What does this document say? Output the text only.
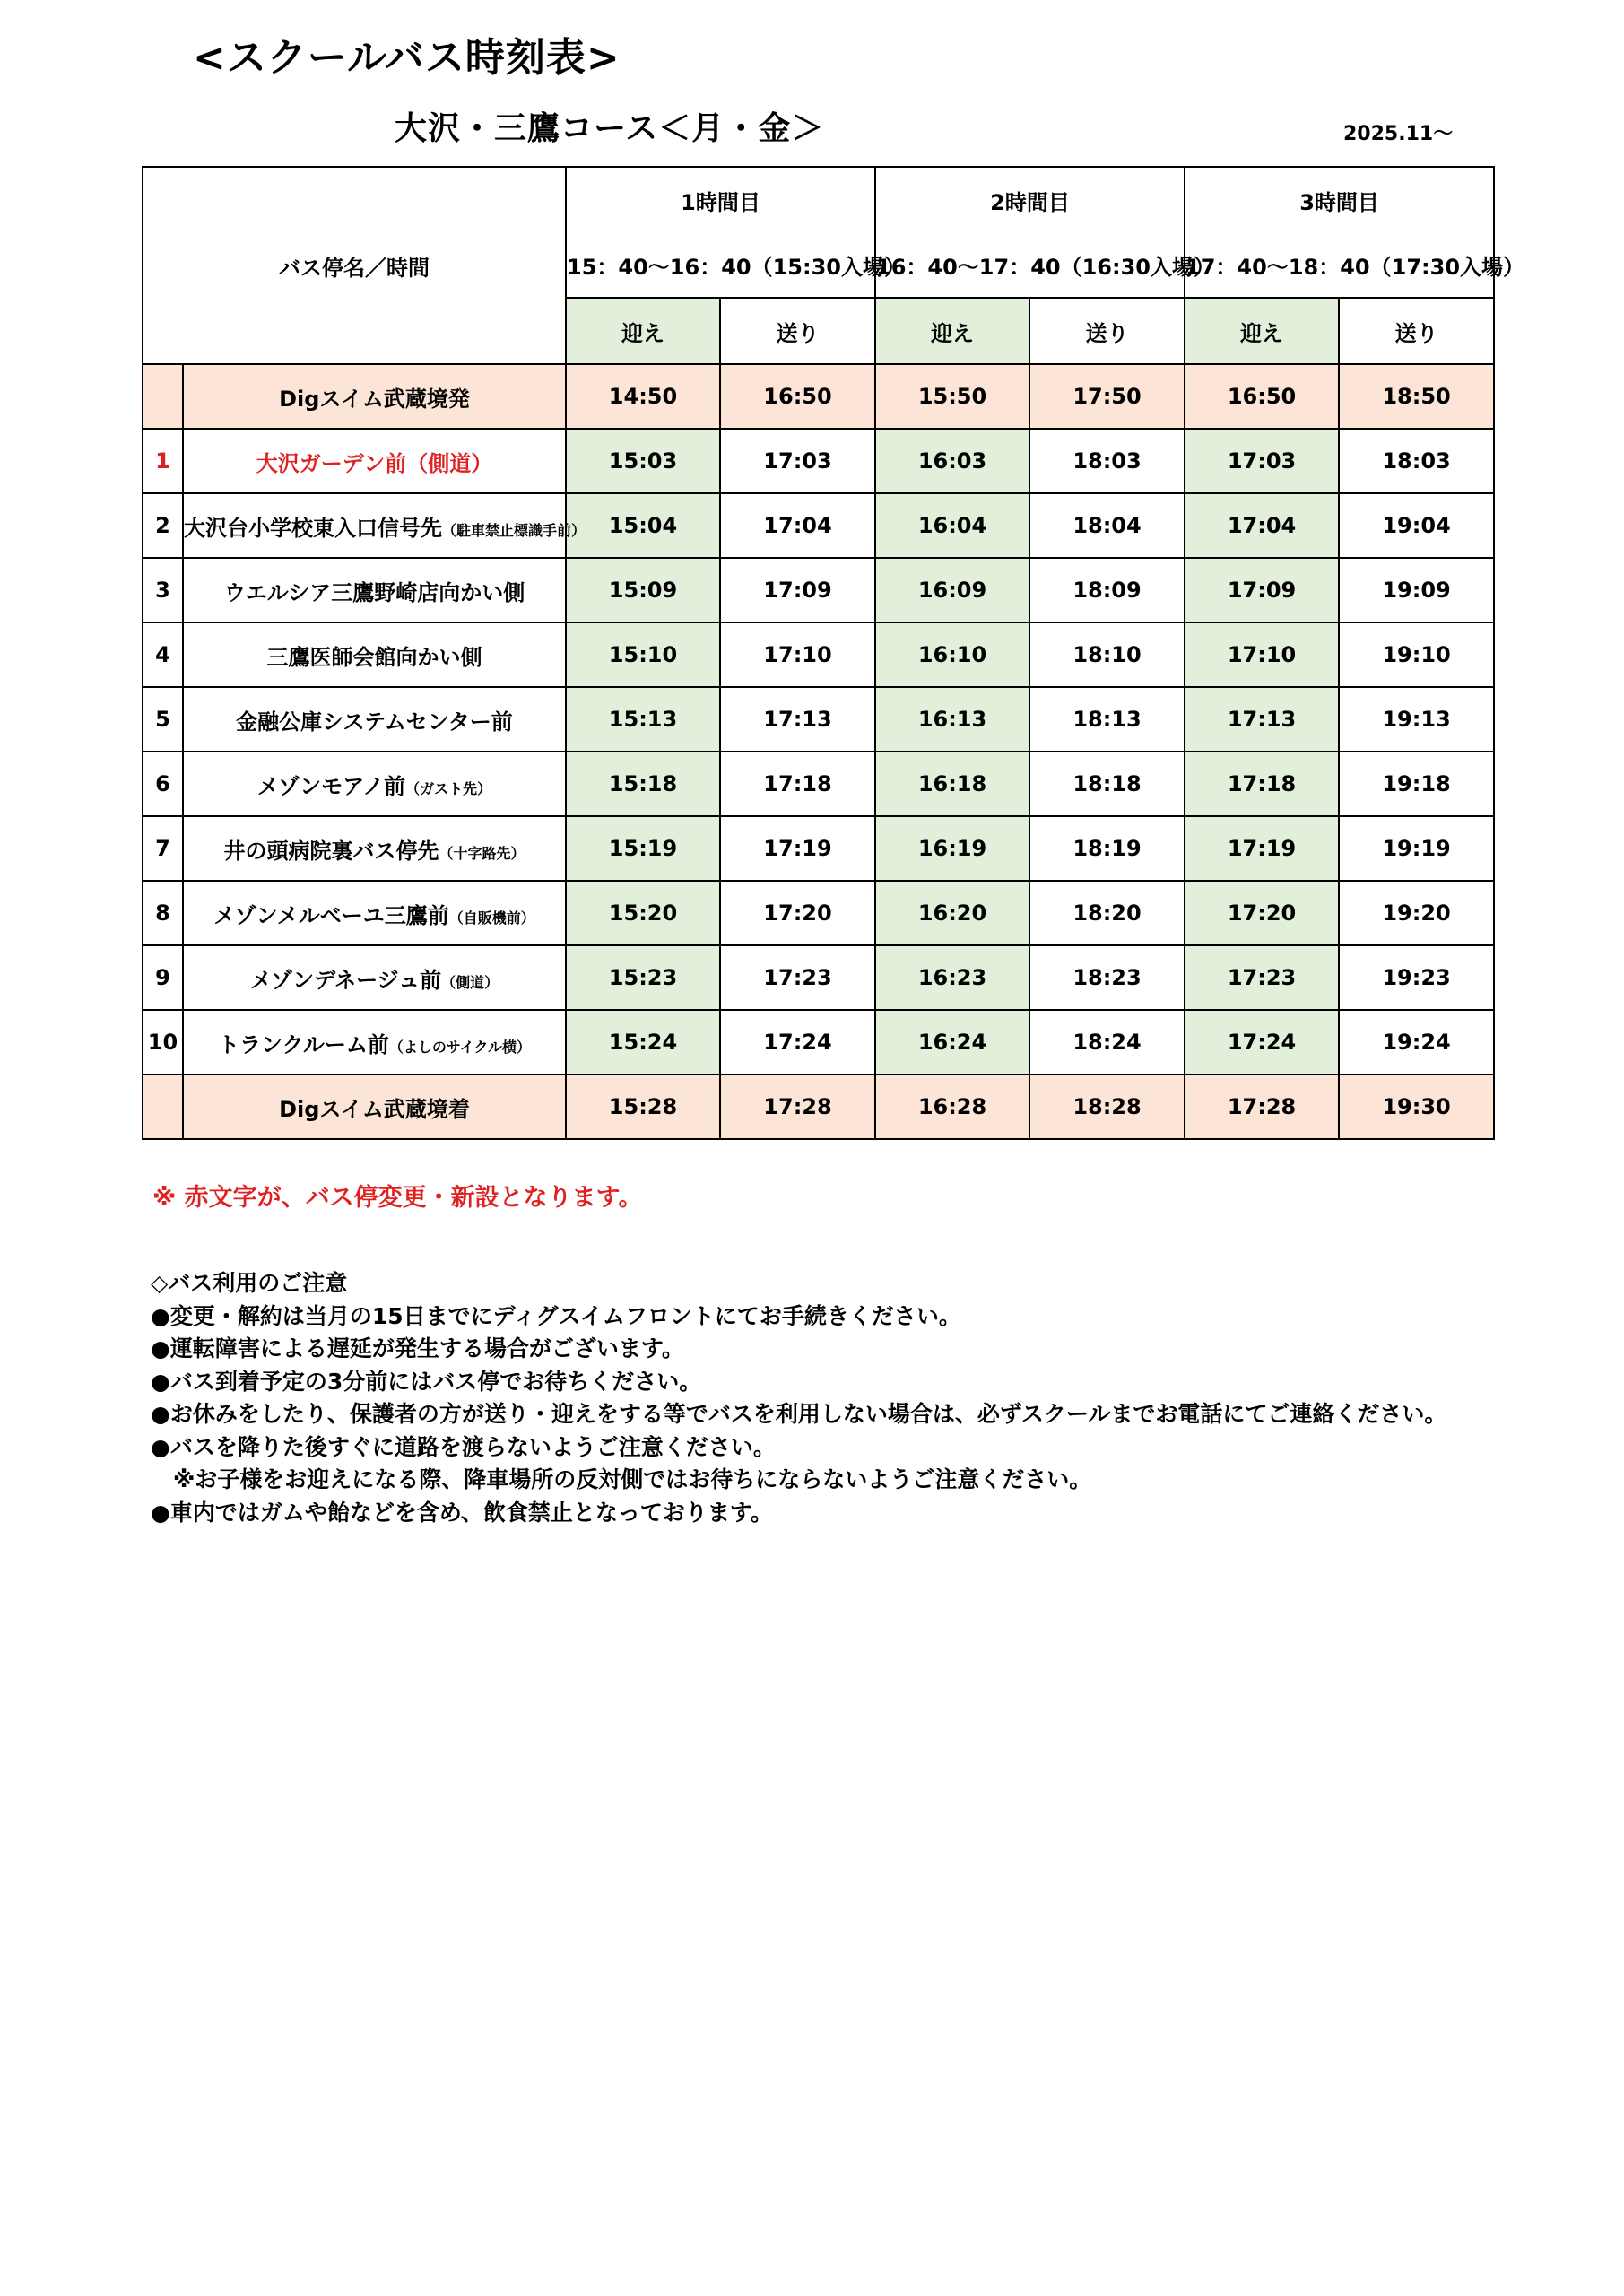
<スクールバス時刻表>
大沢・三鷹コース＜月・金＞	2025.11～
バス停名／時間		1時間目		2時間目		3時間目	
		15：40～16：40（15:30入場）		16：40～17：40（16:30入場）		17：40～18：40（17:30入場）	
		迎え	送り	迎え	送り	迎え	送り
	Digスイム武蔵境発	14:50	16:50	15:50	17:50	16:50	18:50
1	大沢ガーデン前（側道）	15:03	17:03	16:03	18:03	17:03	18:03
2	大沢台小学校東入口信号先（駐車禁止標識手前）	15:04	17:04	16:04	18:04	17:04	19:04
3	ウエルシア三鷹野崎店向かい側	15:09	17:09	16:09	18:09	17:09	19:09
4	三鷹医師会館向かい側	15:10	17:10	16:10	18:10	17:10	19:10
5	金融公庫システムセンター前	15:13	17:13	16:13	18:13	17:13	19:13
6	メゾンモアノ前（ガスト先）	15:18	17:18	16:18	18:18	17:18	19:18
7	井の頭病院裏バス停先（十字路先）	15:19	17:19	16:19	18:19	17:19	19:19
8	メゾンメルベーユ三鷹前（自販機前）	15:20	17:20	16:20	18:20	17:20	19:20
9	メゾンデネージュ前（側道）	15:23	17:23	16:23	18:23	17:23	19:23
10	トランクルーム前（よしのサイクル横）	15:24	17:24	16:24	18:24	17:24	19:24
	Digスイム武蔵境着	15:28	17:28	16:28	18:28	17:28	19:30
※ 赤文字が、バス停変更・新設となります。
◇バス利用のご注意
●変更・解約は当月の15日までにディグスイムフロントにてお手続きください。
●運転障害による遅延が発生する場合がございます。
●バス到着予定の3分前にはバス停でお待ちください。
●お休みをしたり、保護者の方が送り・迎えをする等でバスを利用しない場合は、必ずスクールまでお電話にてご連絡ください。
●バスを降りた後すぐに道路を渡らないようご注意ください。
　※お子様をお迎えになる際、降車場所の反対側ではお待ちにならないようご注意ください。
●車内ではガムや飴などを含め、飲食禁止となっております。
